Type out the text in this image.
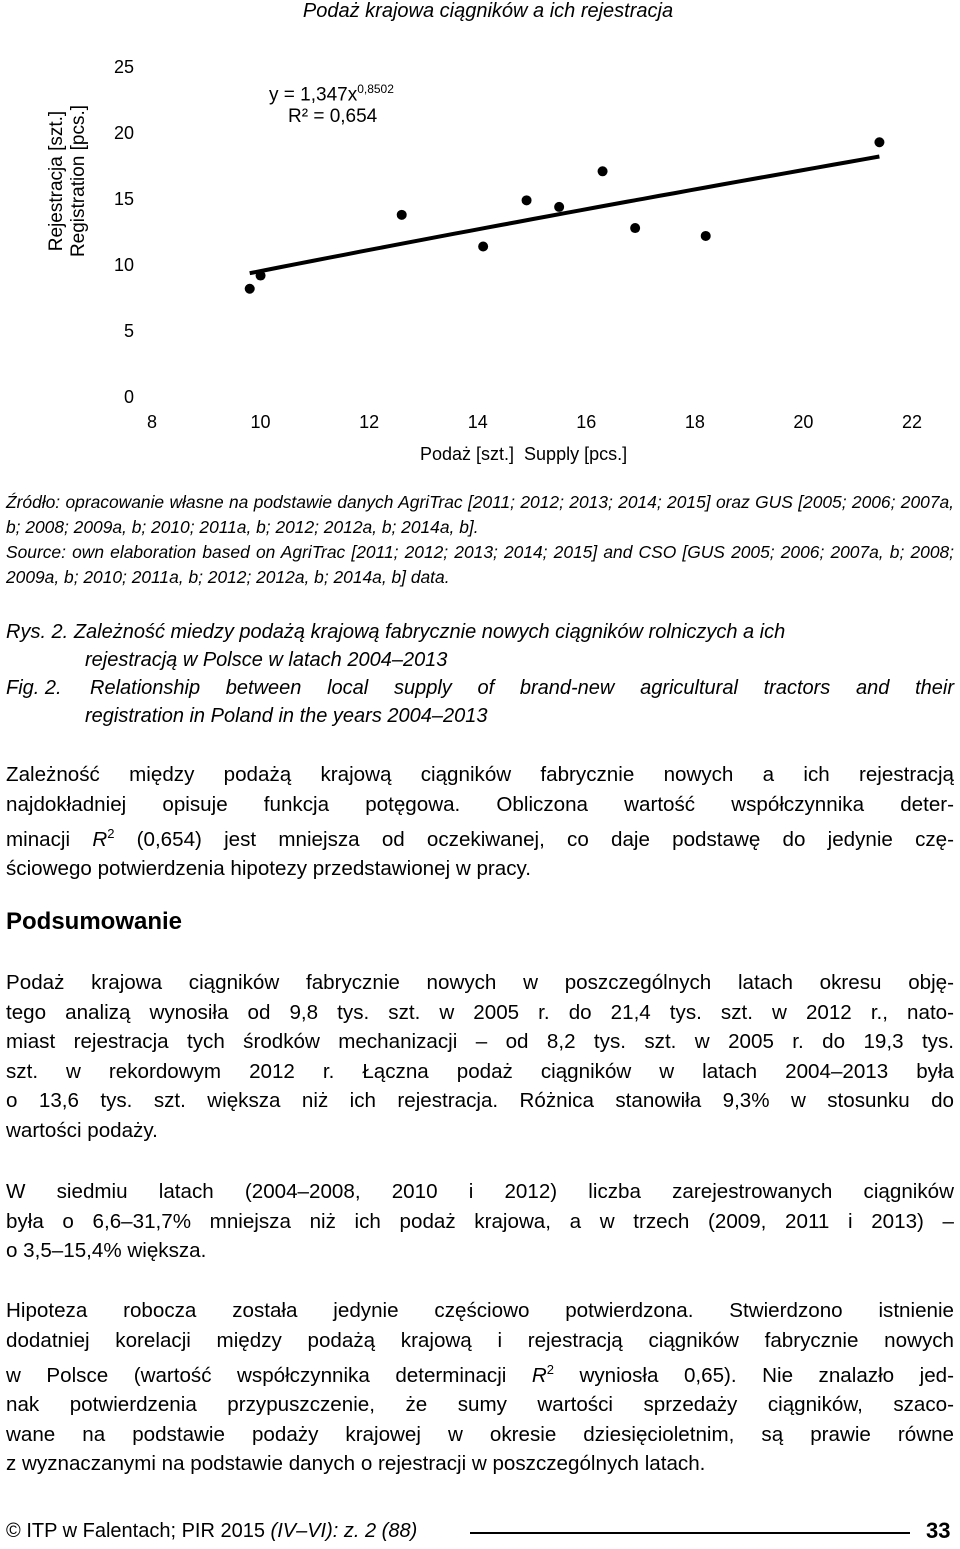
Podaż krajowa ciągników a ich rejestracja
0
5
10
15
20
25
8	10	12	14	16	18	20	22
$y = 1,347x^{0,8502}$
R² = 0,654
Rejestracja [szt.] Registration [pcs.]
Podaż [szt.]  Supply [pcs.]
Źródło: opracowanie własne na podstawie danych AgriTrac [2011; 2012; 2013; 2014; 2015] oraz GUS [2005; 2006; 2007a, b; 2008; 2009a, b; 2010; 2011a, b; 2012; 2012a, b; 2014a, b].
Source: own elaboration based on AgriTrac [2011; 2012; 2013; 2014; 2015] and CSO [GUS 2005; 2006; 2007a, b; 2008; 2009a, b; 2010; 2011a, b; 2012; 2012a, b; 2014a, b] data.
Rys. 2. Zależność miedzy podażą krajową fabrycznie nowych ciągników rolniczych a ich
rejestracją w Polsce w latach 2004–2013
Fig. 2. Relationship between local supply of brand-new agricultural tractors and their
registration in Poland in the years 2004–2013
Zależność między podażą krajową ciągników fabrycznie nowych a ich rejestracją
najdokładniej opisuje funkcja potęgowa. Obliczona wartość współczynnika deter-
minacji $R^2$ (0,654) jest mniejsza od oczekiwanej, co daje podstawę do jedynie czę-
ściowego potwierdzenia hipotezy przedstawionej w pracy.
Podsumowanie
Podaż krajowa ciągników fabrycznie nowych w poszczególnych latach okresu obję-
tego analizą wynosiła od 9,8 tys. szt. w 2005 r. do 21,4 tys. szt. w 2012 r., nato-
miast rejestracja tych środków mechanizacji – od 8,2 tys. szt. w 2005 r. do 19,3 tys.
szt. w rekordowym 2012 r. Łączna podaż ciągników w latach 2004–2013 była
o 13,6 tys. szt. większa niż ich rejestracja. Różnica stanowiła 9,3% w stosunku do
wartości podaży.
W siedmiu latach (2004–2008, 2010 i 2012) liczba zarejestrowanych ciągników
była o 6,6–31,7% mniejsza niż ich podaż krajowa, a w trzech (2009, 2011 i 2013) –
o 3,5–15,4% większa.
Hipoteza robocza została jedynie częściowo potwierdzona. Stwierdzono istnienie
dodatniej korelacji między podażą krajową i rejestracją ciągników fabrycznie nowych
w Polsce (wartość współczynnika determinacji $R^2$ wyniosła 0,65). Nie znalazło jed-
nak potwierdzenia przypuszczenie, że sumy wartości sprzedaży ciągników, szaco-
wane na podstawie podaży krajowej w okresie dziesięcioletnim, są prawie równe
z wyznaczanymi na podstawie danych o rejestracji w poszczególnych latach.
© ITP w Falentach; PIR 2015 (IV–VI): z. 2 (88)	33
